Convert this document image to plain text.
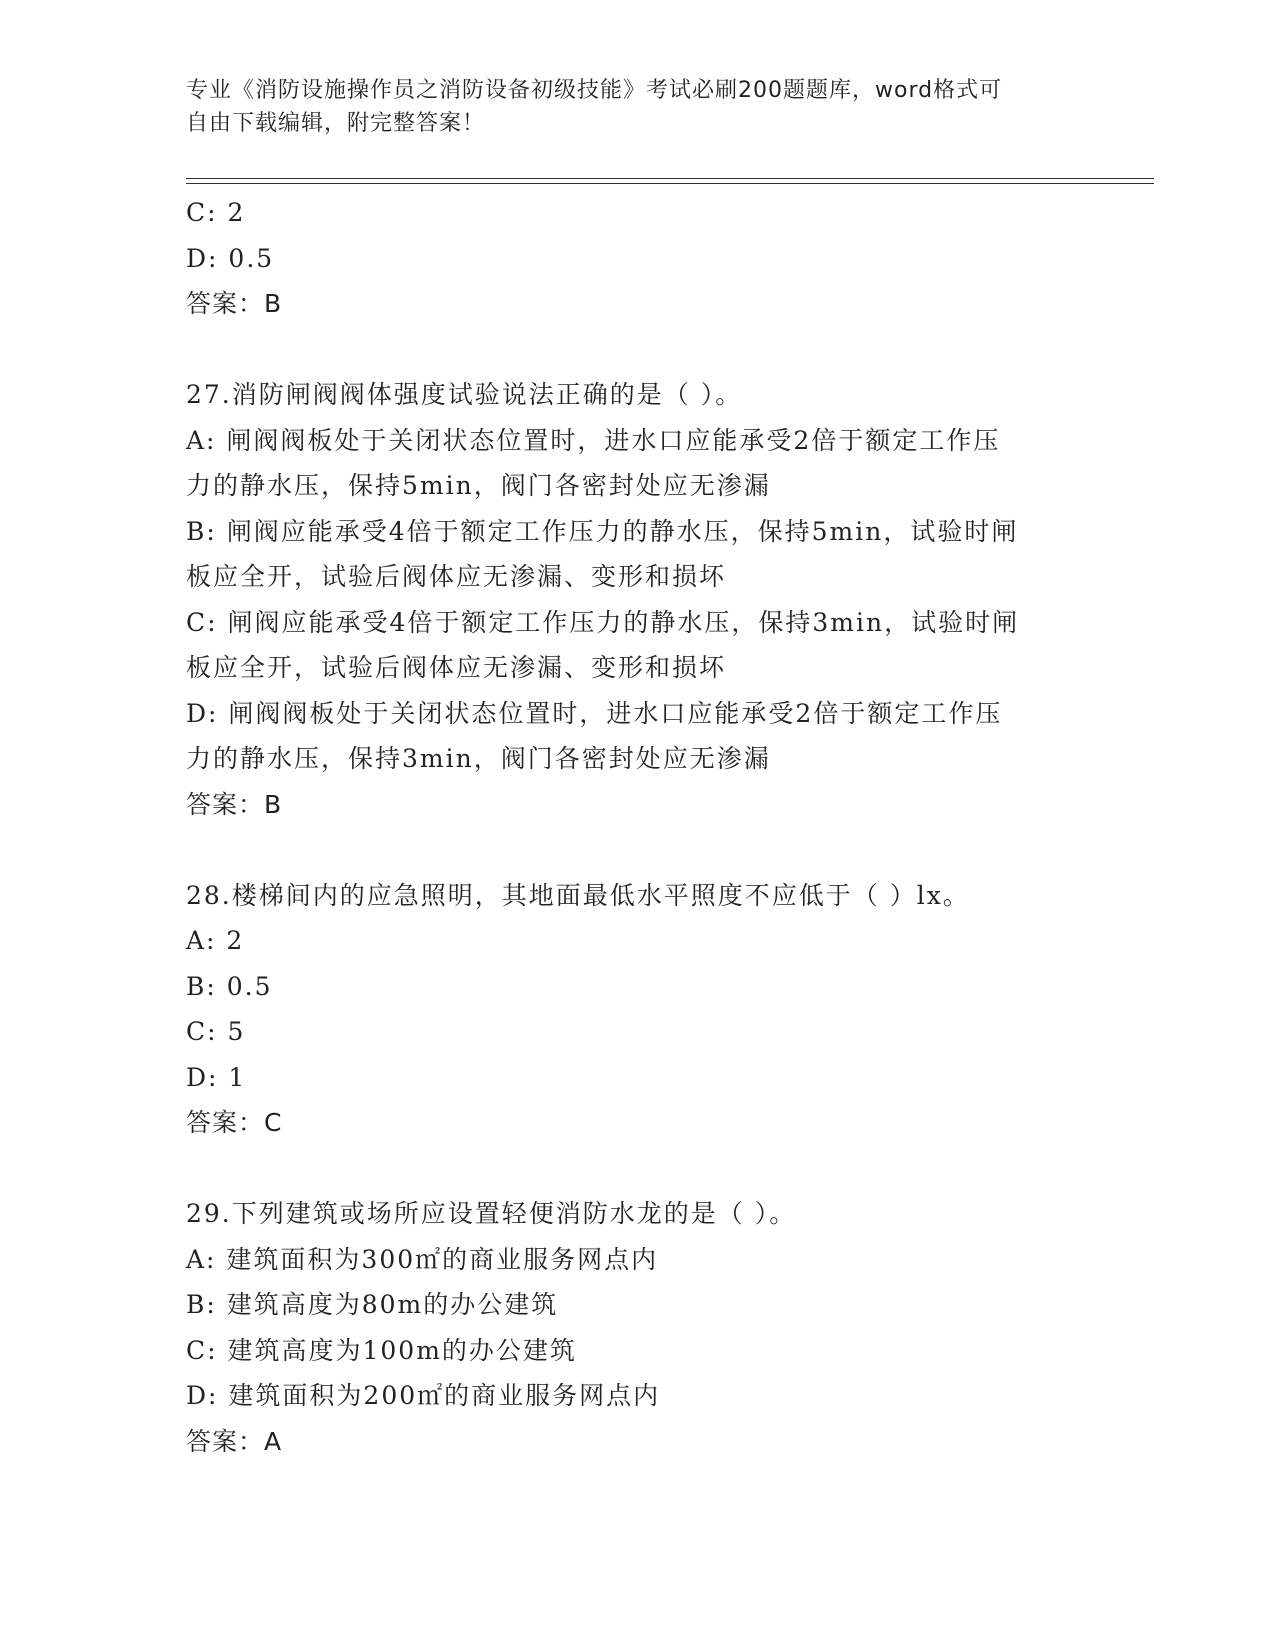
专业《消防设施操作员之消防设备初级技能》考试必刷200题题库，word格式可
自由下载编辑，附完整答案！
C: 2
D: 0.5
答案：B
27.消防闸阀阀体强度试验说法正确的是（ ）。
A: 闸阀阀板处于关闭状态位置时，进水口应能承受2倍于额定工作压
力的静水压，保持5min，阀门各密封处应无渗漏
B: 闸阀应能承受4倍于额定工作压力的静水压，保持5min，试验时闸
板应全开，试验后阀体应无渗漏、变形和损坏
C: 闸阀应能承受4倍于额定工作压力的静水压，保持3min，试验时闸
板应全开，试验后阀体应无渗漏、变形和损坏
D: 闸阀阀板处于关闭状态位置时，进水口应能承受2倍于额定工作压
力的静水压，保持3min，阀门各密封处应无渗漏
答案：B
28.楼梯间内的应急照明，其地面最低水平照度不应低于（ ）lx。
A: 2
B: 0.5
C: 5
D: 1
答案：C
29.下列建筑或场所应设置轻便消防水龙的是（ ）。
A: 建筑面积为300㎡的商业服务网点内
B: 建筑高度为80m的办公建筑
C: 建筑高度为100m的办公建筑
D: 建筑面积为200㎡的商业服务网点内
答案：A
